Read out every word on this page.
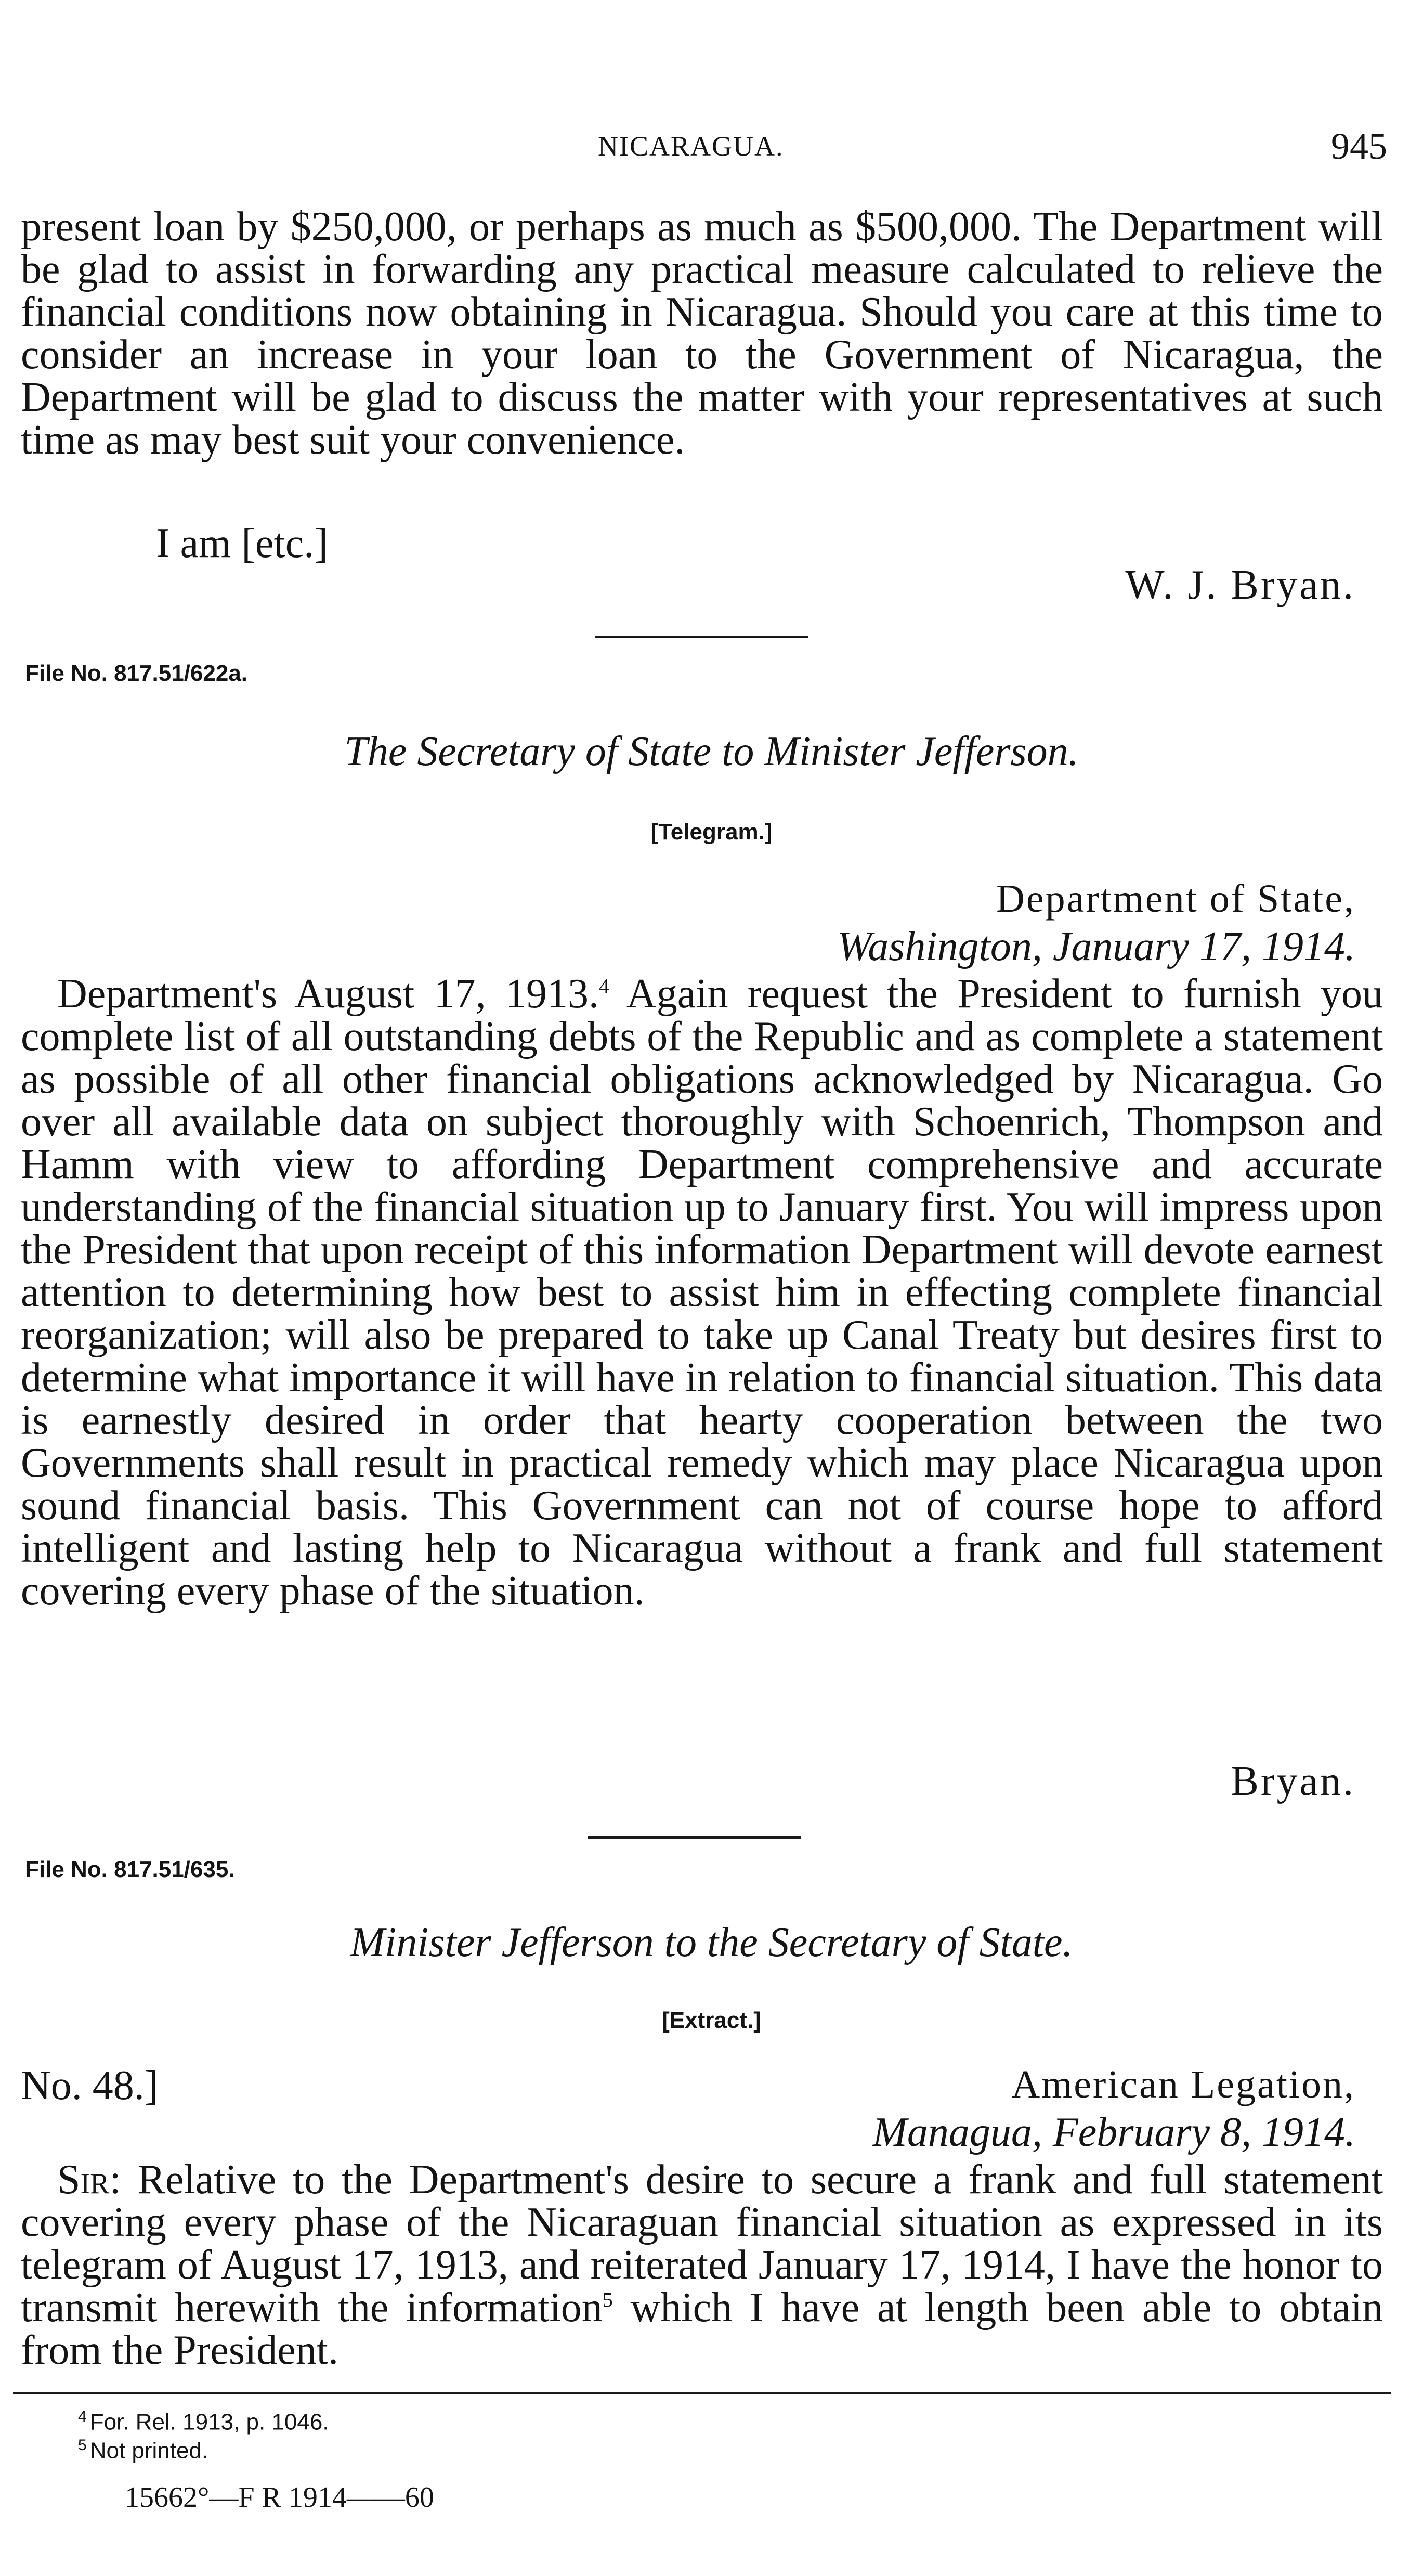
NICARAGUA.	945

present loan by $250,000, or perhaps as much as $500,000. The Department will be glad to assist in forwarding any practical measure calculated to relieve the financial conditions now obtaining in Nicaragua. Should you care at this time to consider an increase in your loan to the Government of Nicaragua, the Department will be glad to discuss the matter with your representatives at such time as may best suit your convenience.

I am [etc.]
W. J. Bryan.
File No. 817.51/622a.
The Secretary of State to Minister Jefferson.
[Telegram.]
Department of State,
Washington, January 17, 1914.

Department's August 17, 1913.$^4$ Again request the President to furnish you complete list of all outstanding debts of the Republic and as complete a statement as possible of all other financial obligations acknowledged by Nicaragua. Go over all available data on subject thoroughly with Schoenrich, Thompson and Hamm with view to affording Department comprehensive and accurate understanding of the financial situation up to January first. You will impress upon the President that upon receipt of this information Department will devote earnest attention to determining how best to assist him in effecting complete financial reorganization; will also be prepared to take up Canal Treaty but desires first to determine what importance it will have in relation to financial situation. This data is earnestly desired in order that hearty cooperation between the two Governments shall result in practical remedy which may place Nicaragua upon sound financial basis. This Government can not of course hope to afford intelligent and lasting help to Nicaragua without a frank and full statement covering every phase of the situation.

Bryan.
File No. 817.51/635.
Minister Jefferson to the Secretary of State.
[Extract.]
No. 48.]	American Legation,
Managua, February 8, 1914.

Sir: Relative to the Department's desire to secure a frank and full statement covering every phase of the Nicaraguan financial situation as expressed in its telegram of August 17, 1913, and reiterated January 17, 1914, I have the honor to transmit herewith the information$^5$ which I have at length been able to obtain from the President.

$^4$ For. Rel. 1913, p. 1046.
$^5$ Not printed.
15662°—F R 1914——60
